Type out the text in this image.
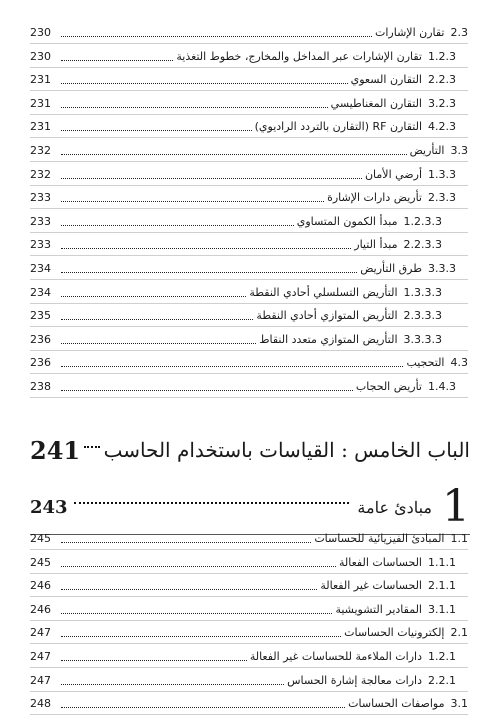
2.3
تقارن الإشارات
230
1.2.3
تقارن الإشارات عبر المداخل والمخارج، خطوط التغذية
230
2.2.3
التقارن السعوي
231
3.2.3
التقارن المغناطيسي
231
4.2.3
التقارن RF (التقارن بالتردد الراديوي)
231
3.3
التأريض
232
1.3.3
أرضي الأمان
232
2.3.3
تأريض دارات الإشارة
233
1.2.3.3
مبدأ الكمون المتساوي
233
2.2.3.3
مبدأ التيار
233
3.3.3
طرق التأريض
234
1.3.3.3
التأريض التسلسلي أحادي النقطة
234
2.3.3.3
التأريض المتوازي أحادي النقطة
235
3.3.3.3
التأريض المتوازي متعدد النقاط
236
4.3
التحجيب
236
1.4.3
تأريض الحجاب
238
الباب الخامس : القياسات باستخدام الحاسب
241
1
مبادئ عامة
243
1.1
المبادئ الفيزيائية للحساسات
245
1.1.1
الحساسات الفعالة
245
2.1.1
الحساسات غير الفعالة
246
3.1.1
المقادير التشويشية
246
2.1
إلكترونيات الحساسات
247
1.2.1
دارات الملاءمة للحساسات غير الفعالة
247
2.2.1
دارات معالجة إشارة الحساس
247
3.1
مواصفات الحساسات
248
